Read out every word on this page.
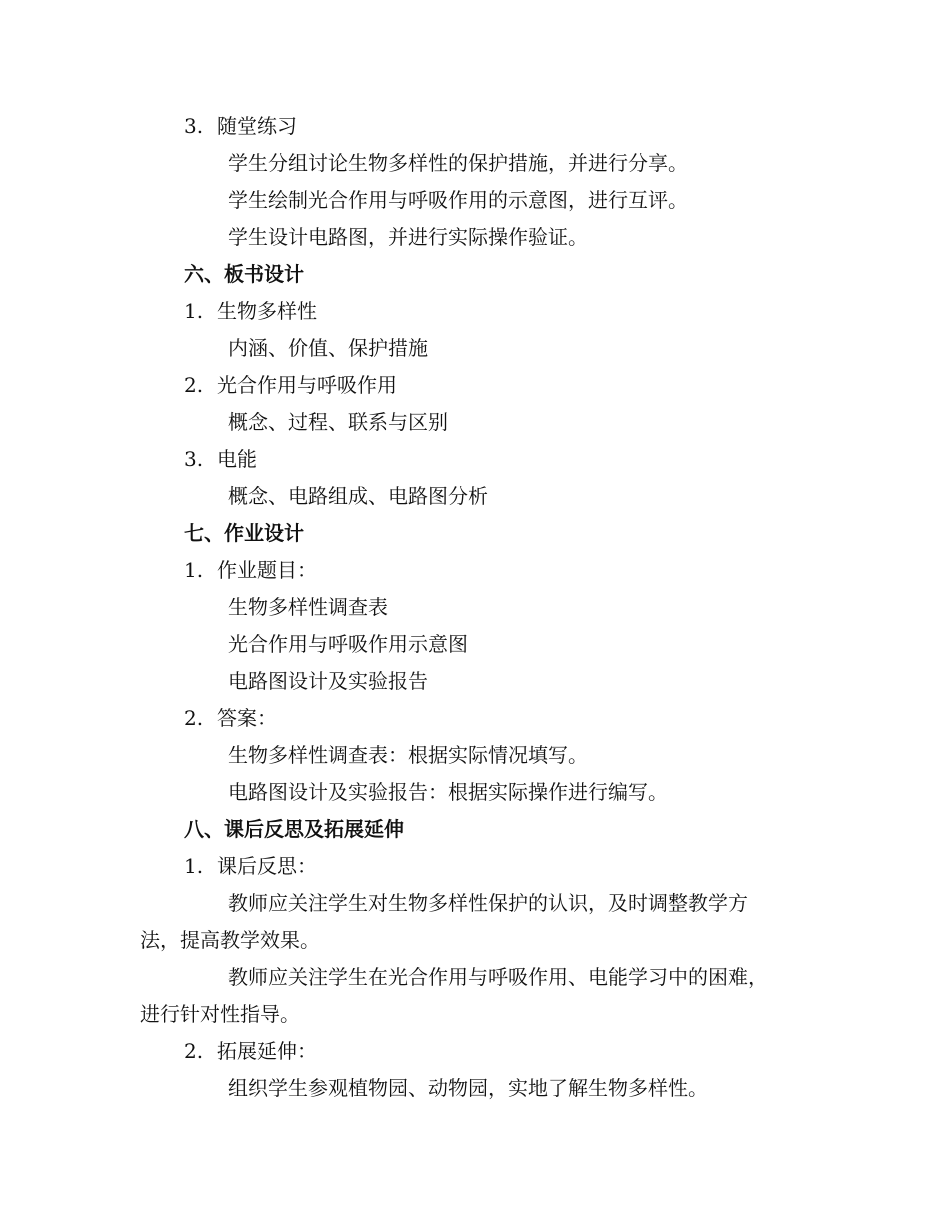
3. 随堂练习
学生分组讨论生物多样性的保护措施，并进行分享。
学生绘制光合作用与呼吸作用的示意图，进行互评。
学生设计电路图，并进行实际操作验证。
六、板书设计
1. 生物多样性
内涵、价值、保护措施
2. 光合作用与呼吸作用
概念、过程、联系与区别
3. 电能
概念、电路组成、电路图分析
七、作业设计
1. 作业题目：
生物多样性调查表
光合作用与呼吸作用示意图
电路图设计及实验报告
2. 答案：
生物多样性调查表：根据实际情况填写。
电路图设计及实验报告：根据实际操作进行编写。
八、课后反思及拓展延伸
1. 课后反思：
教师应关注学生对生物多样性保护的认识，及时调整教学方
法，提高教学效果。
教师应关注学生在光合作用与呼吸作用、电能学习中的困难，
进行针对性指导。
2. 拓展延伸：
组织学生参观植物园、动物园，实地了解生物多样性。
